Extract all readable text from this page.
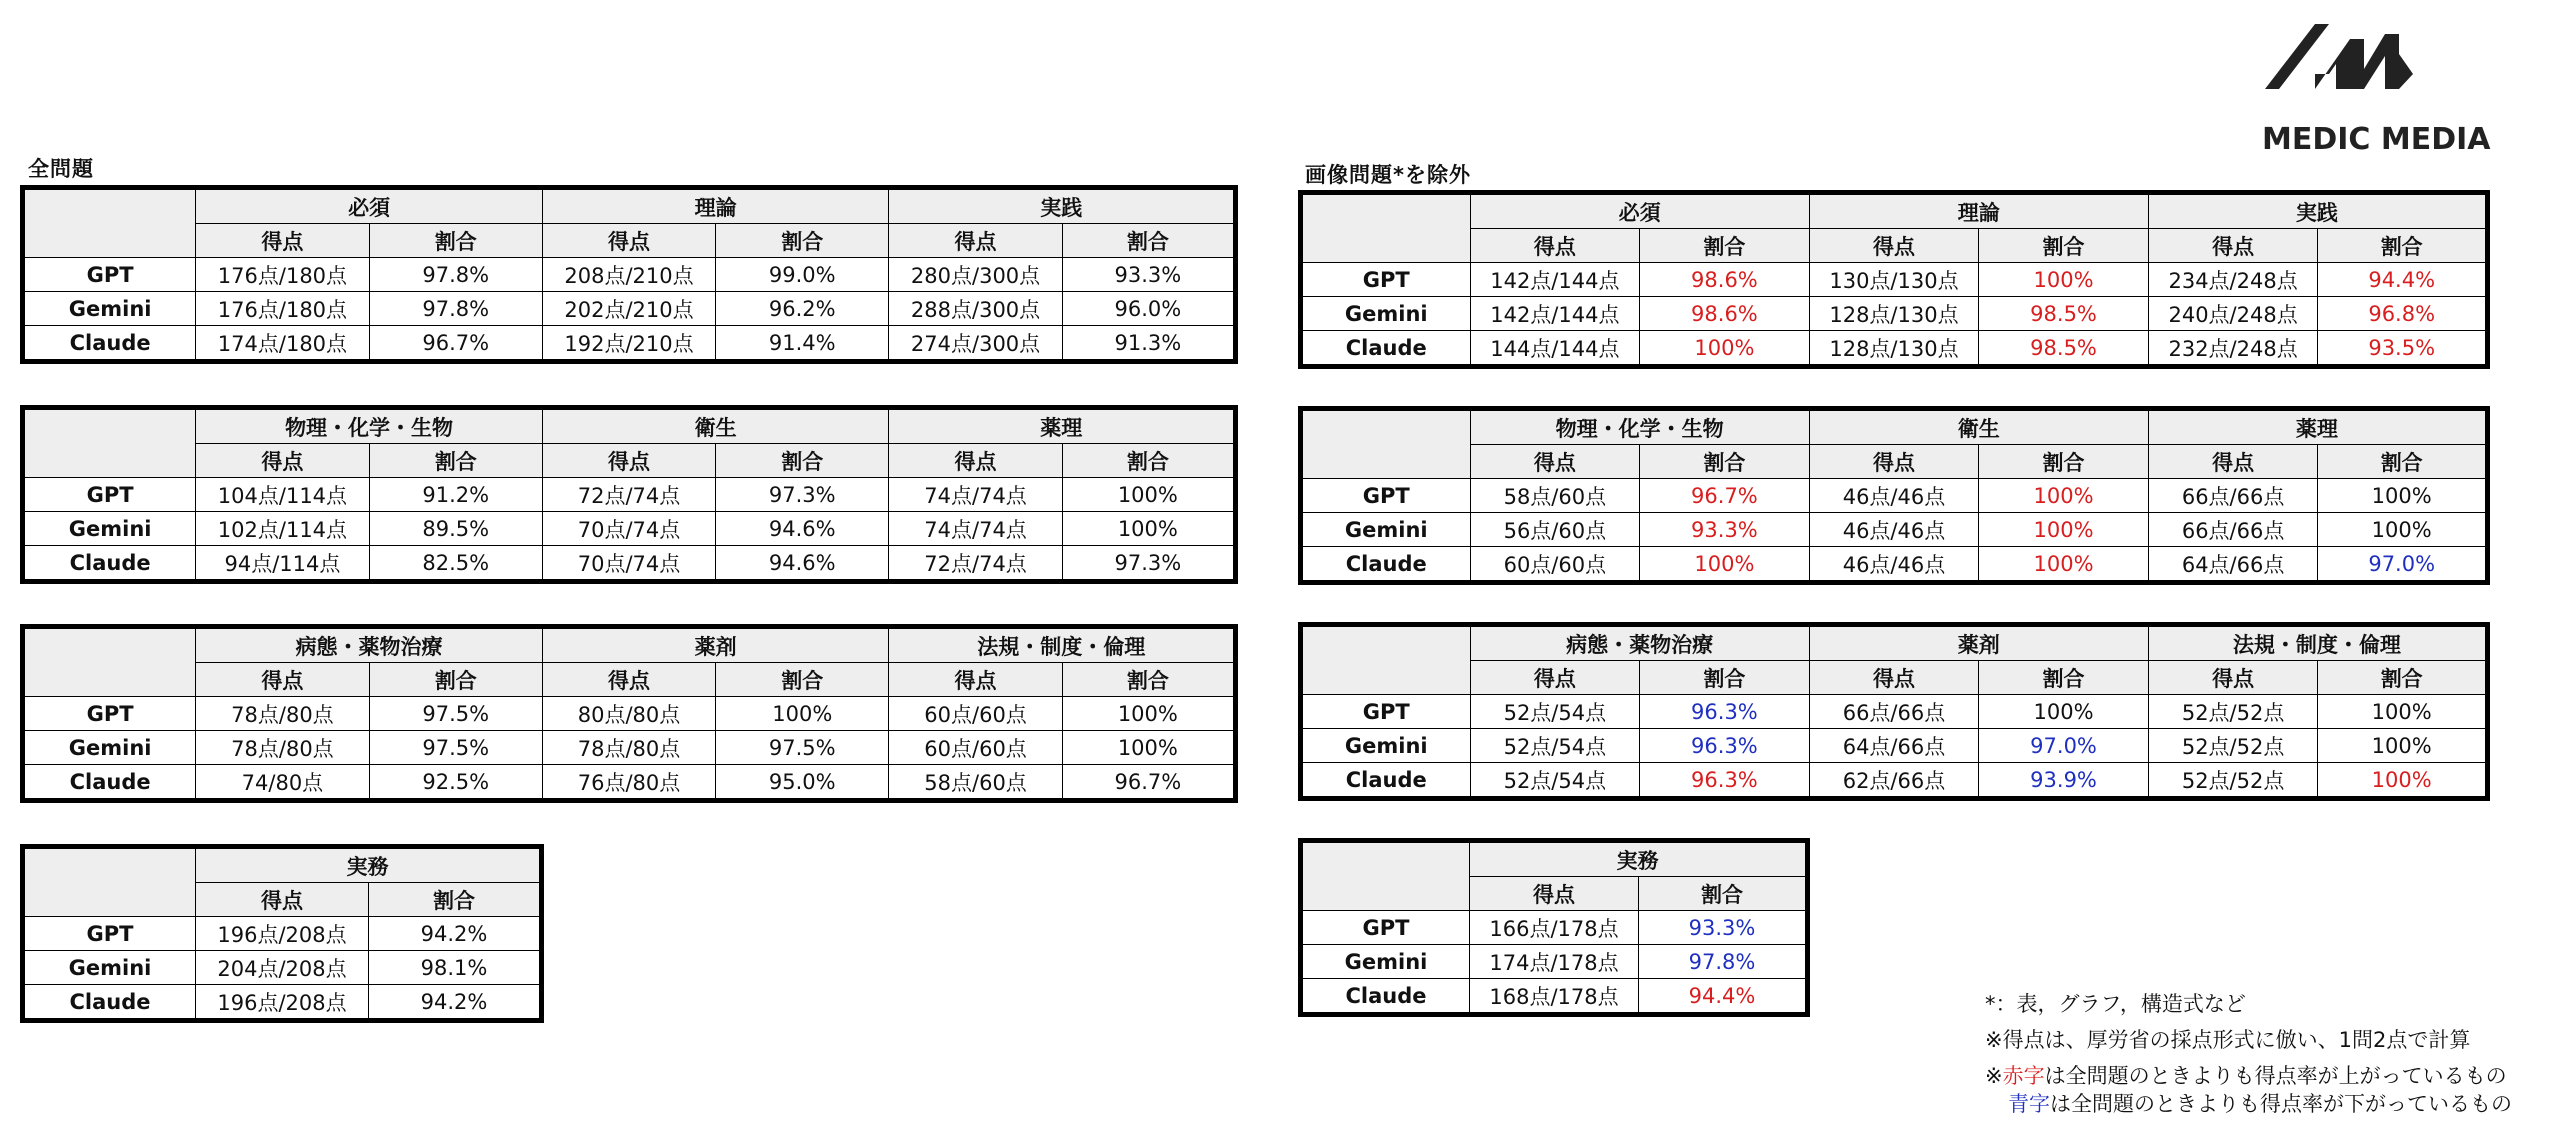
MEDIC MEDIA
全問題
	必須		理論		実践	
	得点	割合	得点	割合	得点	割合
GPT	176点/180点	97.8%	208点/210点	99.0%	280点/300点	93.3%
Gemini	176点/180点	97.8%	202点/210点	96.2%	288点/300点	96.0%
Claude	174点/180点	96.7%	192点/210点	91.4%	274点/300点	91.3%
	物理・化学・生物		衛生		薬理	
	得点	割合	得点	割合	得点	割合
GPT	104点/114点	91.2%	72点/74点	97.3%	74点/74点	100%
Gemini	102点/114点	89.5%	70点/74点	94.6%	74点/74点	100%
Claude	94点/114点	82.5%	70点/74点	94.6%	72点/74点	97.3%
	病態・薬物治療		薬剤		法規・制度・倫理	
	得点	割合	得点	割合	得点	割合
GPT	78点/80点	97.5%	80点/80点	100%	60点/60点	100%
Gemini	78点/80点	97.5%	78点/80点	97.5%	60点/60点	100%
Claude	74/80点	92.5%	76点/80点	95.0%	58点/60点	96.7%
	実務	
	得点	割合
GPT	196点/208点	94.2%
Gemini	204点/208点	98.1%
Claude	196点/208点	94.2%
画像問題*を除外
	必須		理論		実践	
	得点	割合	得点	割合	得点	割合
GPT	142点/144点	98.6%	130点/130点	100%	234点/248点	94.4%
Gemini	142点/144点	98.6%	128点/130点	98.5%	240点/248点	96.8%
Claude	144点/144点	100%	128点/130点	98.5%	232点/248点	93.5%
	物理・化学・生物		衛生		薬理	
	得点	割合	得点	割合	得点	割合
GPT	58点/60点	96.7%	46点/46点	100%	66点/66点	100%
Gemini	56点/60点	93.3%	46点/46点	100%	66点/66点	100%
Claude	60点/60点	100%	46点/46点	100%	64点/66点	97.0%
	病態・薬物治療		薬剤		法規・制度・倫理	
	得点	割合	得点	割合	得点	割合
GPT	52点/54点	96.3%	66点/66点	100%	52点/52点	100%
Gemini	52点/54点	96.3%	64点/66点	97.0%	52点/52点	100%
Claude	52点/54点	96.3%	62点/66点	93.9%	52点/52点	100%
	実務	
	得点	割合
GPT	166点/178点	93.3%
Gemini	174点/178点	97.8%
Claude	168点/178点	94.4%	*：表，グラフ，構造式など
※得点は、厚労省の採点形式に倣い、1問2点で計算
※赤字は全問題のときよりも得点率が上がっているもの
青字は全問題のときよりも得点率が下がっているもの
